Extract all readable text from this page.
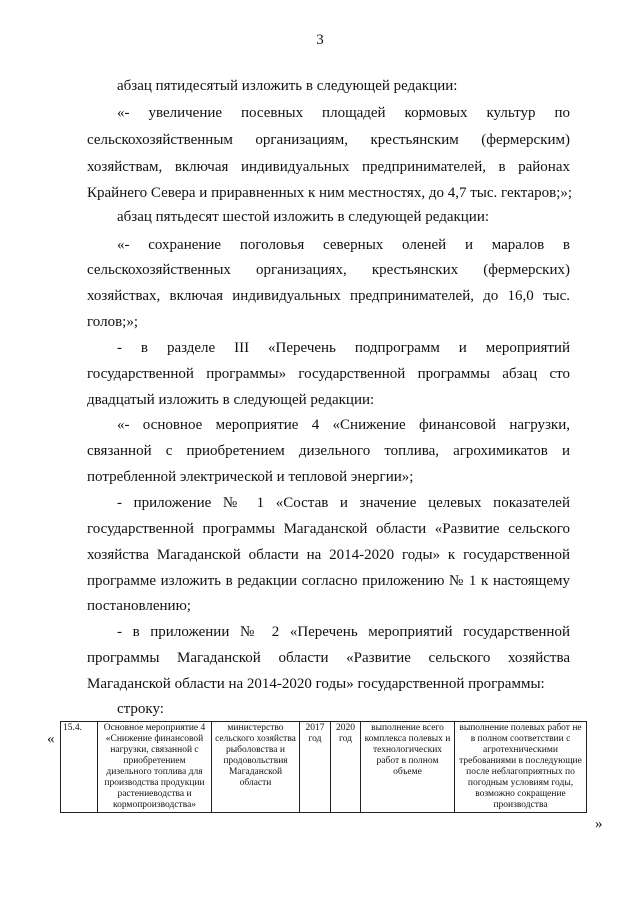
3
абзац пятидесятый изложить в следующей редакции:
«- увеличение посевных площадей кормовых культур по
сельскохозяйственным организациям, крестьянским (фермерским)
хозяйствам, включая индивидуальных предпринимателей, в районах
Крайнего Севера и приравненных к ним местностях, до 4,7 тыс. гектаров;»;
абзац пятьдесят шестой изложить в следующей редакции:
«- сохранение поголовья северных оленей и маралов в
сельскохозяйственных организациях, крестьянских (фермерских)
хозяйствах, включая индивидуальных предпринимателей, до 16,0 тыс.
голов;»;
- в разделе III «Перечень подпрограмм и мероприятий
государственной программы» государственной программы абзац сто
двадцатый изложить в следующей редакции:
«- основное мероприятие 4 «Снижение финансовой нагрузки,
связанной с приобретением дизельного топлива, агрохимикатов и
потребленной электрической и тепловой энергии»;
- приложение № 1 «Состав и значение целевых показателей
государственной программы Магаданской области «Развитие сельского
хозяйства Магаданской области на 2014-2020 годы» к государственной
программе изложить в редакции согласно приложению № 1 к настоящему
постановлению;
- в приложении № 2 «Перечень мероприятий государственной
программы Магаданской области «Развитие сельского хозяйства
Магаданской области на 2014-2020 годы» государственной программы:
строку:
«
15.4.	Основное мероприятие 4 «Снижение финансовой нагрузки, связанной с приобретением дизельного топлива для производства продукции растениеводства и кормопроизводства»	министерство сельского хозяйства рыболовства и продовольствия Магаданской области	2017 год	2020 год	выполнение всего комплекса полевых и технологических работ в полном объеме	выполнение полевых работ не в полном соответствии с агротехническими требованиями в последующие после неблагоприятных по погодным условиям годы, возможно сокращение производства
»
